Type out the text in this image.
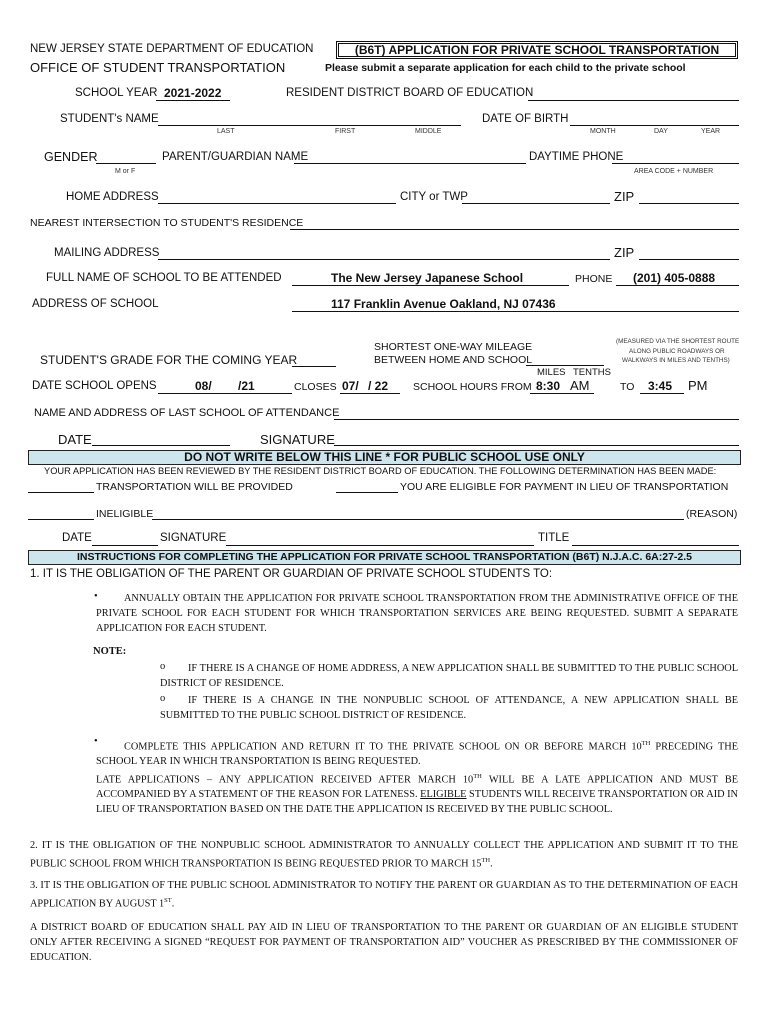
NEW JERSEY STATE DEPARTMENT OF EDUCATION
OFFICE OF STUDENT TRANSPORTATION
(B6T) APPLICATION FOR PRIVATE SCHOOL TRANSPORTATION
Please submit a separate application for each child to the private school
SCHOOL YEAR 2021-2022	RESIDENT DISTRICT BOARD OF EDUCATION
STUDENT's NAME
LAST	FIRST	MIDDLE
DATE OF BIRTH
MONTH	DAY	YEAR
GENDER
M or F
PARENT/GUARDIAN NAME	DAYTIME PHONE
AREA CODE + NUMBER
HOME ADDRESS	CITY or TWP	ZIP
NEAREST INTERSECTION TO STUDENT'S RESIDENCE
MAILING ADDRESS	ZIP
FULL NAME OF SCHOOL TO BE ATTENDED	The New Jersey Japanese School	PHONE (201) 405-0888
ADDRESS OF SCHOOL	117 Franklin Avenue Oakland, NJ 07436
SHORTEST ONE-WAY MILEAGE
BETWEEN HOME AND SCHOOL
(MEASURED VIA THE SHORTEST ROUTE
ALONG PUBLIC ROADWAYS OR
WALKWAYS IN MILES AND TENTHS)
MILES TENTHS
STUDENT'S GRADE FOR THE COMING YEAR
DATE SCHOOL OPENS	08/ /21	CLOSES 07/ / 22 SCHOOL HOURS FROM 8:30 AM	TO 3:45 PM
NAME AND ADDRESS OF LAST SCHOOL OF ATTENDANCE
DATE	SIGNATURE
DO NOT WRITE BELOW THIS LINE * FOR PUBLIC SCHOOL USE ONLY
YOUR APPLICATION HAS BEEN REVIEWED BY THE RESIDENT DISTRICT BOARD OF EDUCATION. THE FOLLOWING DETERMINATION HAS BEEN MADE:
TRANSPORTATION WILL BE PROVIDED	YOU ARE ELIGIBLE FOR PAYMENT IN LIEU OF TRANSPORTATION
INELIGIBLE	(REASON)
DATE	SIGNATURE	TITLE
INSTRUCTIONS FOR COMPLETING THE APPLICATION FOR PRIVATE SCHOOL TRANSPORTATION (B6T) N.J.A.C. 6A:27-2.5
1. IT IS THE OBLIGATION OF THE PARENT OR GUARDIAN OF PRIVATE SCHOOL STUDENTS TO:
•	ANNUALLY OBTAIN THE APPLICATION FOR PRIVATE SCHOOL TRANSPORTATION FROM THE ADMINISTRATIVE OFFICE OF THE PRIVATE SCHOOL FOR EACH STUDENT FOR WHICH TRANSPORTATION SERVICES ARE BEING REQUESTED. SUBMIT A SEPARATE APPLICATION FOR EACH STUDENT.
NOTE:
o	IF THERE IS A CHANGE OF HOME ADDRESS, A NEW APPLICATION SHALL BE SUBMITTED TO THE PUBLIC SCHOOL DISTRICT OF RESIDENCE.
o	IF THERE IS A CHANGE IN THE NONPUBLIC SCHOOL OF ATTENDANCE, A NEW APPLICATION SHALL BE SUBMITTED TO THE PUBLIC SCHOOL DISTRICT OF RESIDENCE.
•	COMPLETE THIS APPLICATION AND RETURN IT TO THE PRIVATE SCHOOL ON OR BEFORE MARCH 10TH PRECEDING THE SCHOOL YEAR IN WHICH TRANSPORTATION IS BEING REQUESTED.
LATE APPLICATIONS – ANY APPLICATION RECEIVED AFTER MARCH 10TH WILL BE A LATE APPLICATION AND MUST BE ACCOMPANIED BY A STATEMENT OF THE REASON FOR LATENESS. ELIGIBLE STUDENTS WILL RECEIVE TRANSPORTATION OR AID IN LIEU OF TRANSPORTATION BASED ON THE DATE THE APPLICATION IS RECEIVED BY THE PUBLIC SCHOOL.
2. IT IS THE OBLIGATION OF THE NONPUBLIC SCHOOL ADMINISTRATOR TO ANNUALLY COLLECT THE APPLICATION AND SUBMIT IT TO THE PUBLIC SCHOOL FROM WHICH TRANSPORTATION IS BEING REQUESTED PRIOR TO MARCH 15TH.
3. IT IS THE OBLIGATION OF THE PUBLIC SCHOOL ADMINISTRATOR TO NOTIFY THE PARENT OR GUARDIAN AS TO THE DETERMINATION OF EACH APPLICATION BY AUGUST 1ST.
A DISTRICT BOARD OF EDUCATION SHALL PAY AID IN LIEU OF TRANSPORTATION TO THE PARENT OR GUARDIAN OF AN ELIGIBLE STUDENT ONLY AFTER RECEIVING A SIGNED “REQUEST FOR PAYMENT OF TRANSPORTATION AID” VOUCHER AS PRESCRIBED BY THE COMMISSIONER OF EDUCATION.
